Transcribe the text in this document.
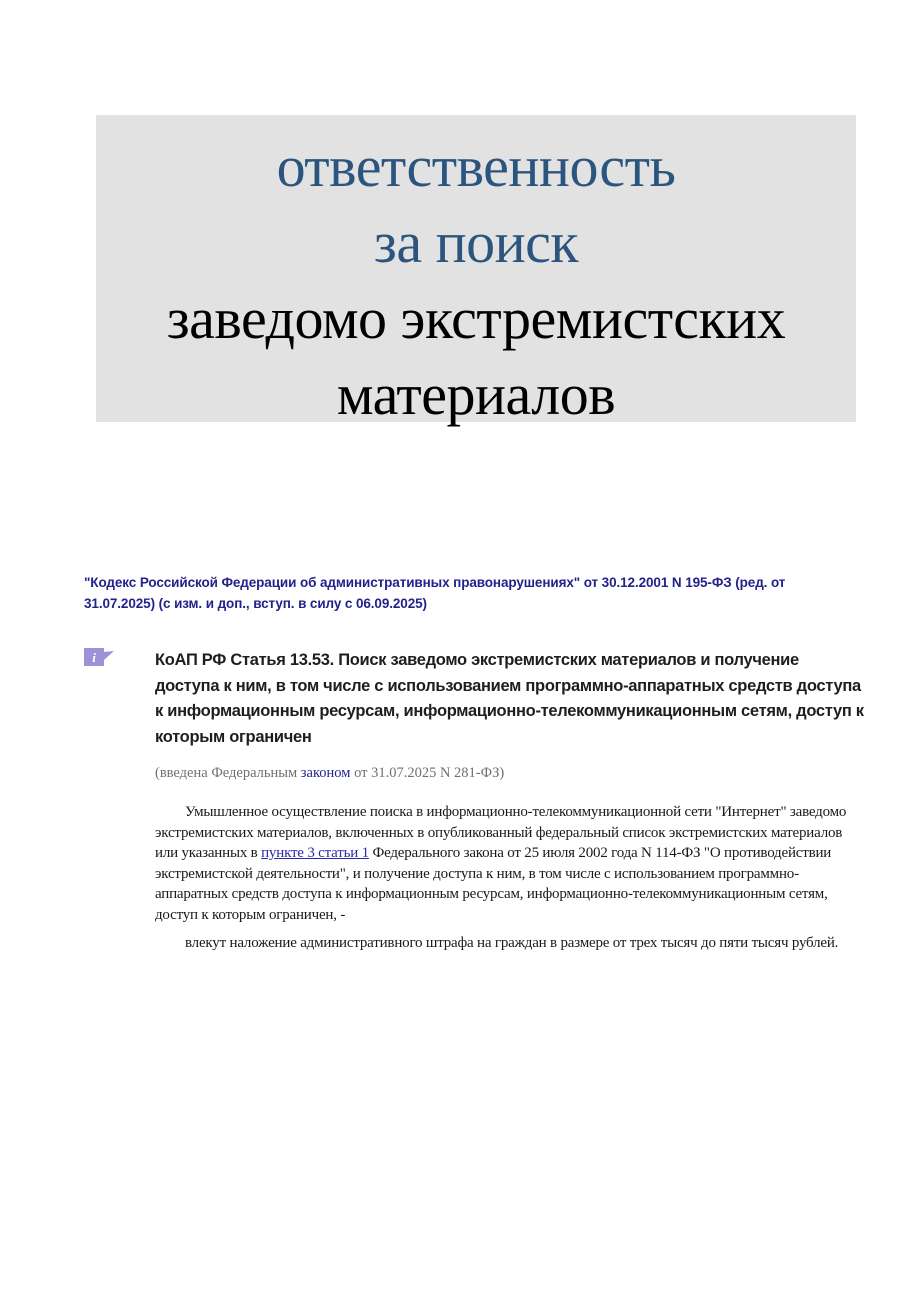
ответственность
за поиск
заведомо экстремистских
материалов
"Кодекс Российской Федерации об административных правонарушениях" от 30.12.2001 N 195-ФЗ (ред. от 31.07.2025) (с изм. и доп., вступ. в силу с 06.09.2025)
i	КоАП РФ Статья 13.53. Поиск заведомо экстремистских материалов и получение доступа к ним, в том числе с использованием программно-аппаратных средств доступа к информационным ресурсам, информационно-телекоммуникационным сетям, доступ к которым ограничен
(введена Федеральным законом от 31.07.2025 N 281-ФЗ)

Умышленное осуществление поиска в информационно-телекоммуникационной сети "Интернет" заведомо экстремистских материалов, включенных в опубликованный федеральный список экстремистских материалов или указанных в пункте 3 статьи 1 Федерального закона от 25 июля 2002 года N 114-ФЗ "О противодействии экстремистской деятельности", и получение доступа к ним, в том числе с использованием программно-аппаратных средств доступа к информационным ресурсам, информационно-телекоммуникационным сетям, доступ к которым ограничен, -

влекут наложение административного штрафа на граждан в размере от трех тысяч до пяти тысяч рублей.
